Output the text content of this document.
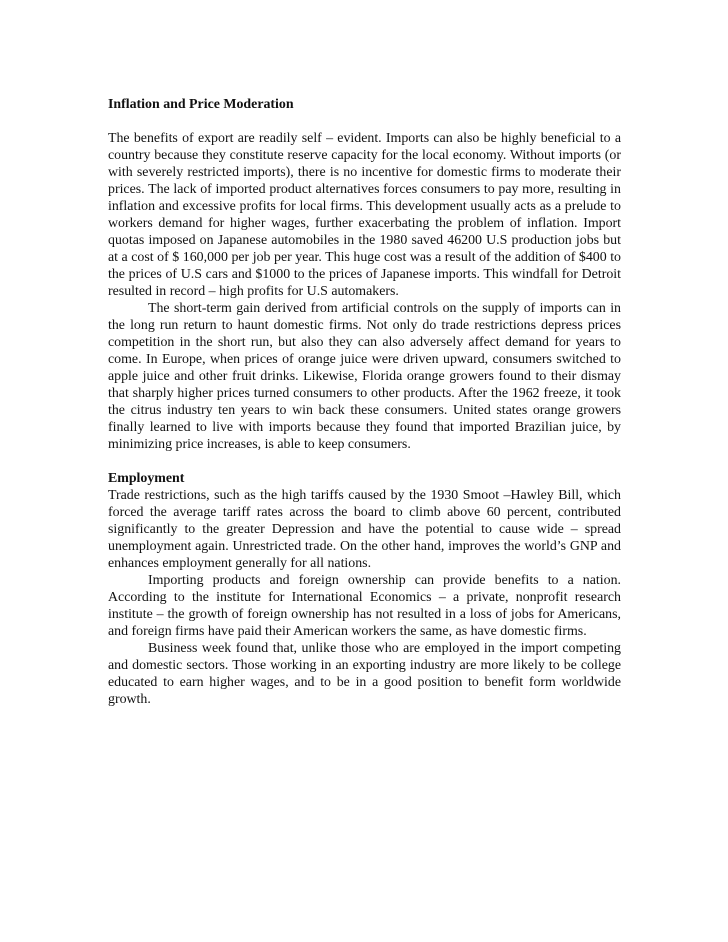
Inflation and Price Moderation

The benefits of export are readily self – evident. Imports can also be highly beneficial to a country because they constitute reserve capacity for the local economy. Without imports (or with severely restricted imports), there is no incentive for domestic firms to moderate their prices. The lack of imported product alternatives forces consumers to pay more, resulting in inflation and excessive profits for local firms. This development usually acts as a prelude to workers demand for higher wages, further exacerbating the problem of inflation. Import quotas imposed on Japanese automobiles in the 1980 saved 46200 U.S production jobs but at a cost of $ 160,000 per job per year. This huge cost was a result of the addition of $400 to the prices of U.S cars and $1000 to the prices of Japanese imports. This windfall for Detroit resulted in record – high profits for U.S automakers.

The short-term gain derived from artificial controls on the supply of imports can in the long run return to haunt domestic firms. Not only do trade restrictions depress prices competition in the short run, but also they can also adversely affect demand for years to come. In Europe, when prices of orange juice were driven upward, consumers switched to apple juice and other fruit drinks. Likewise, Florida orange growers found to their dismay that sharply higher prices turned consumers to other products. After the 1962 freeze, it took the citrus industry ten years to win back these consumers. United states orange growers finally learned to live with imports because they found that imported Brazilian juice, by minimizing price increases, is able to keep consumers.

Employment

Trade restrictions, such as the high tariffs caused by the 1930 Smoot –Hawley Bill, which forced the average tariff rates across the board to climb above 60 percent, contributed significantly to the greater Depression and have the potential to cause wide – spread unemployment again. Unrestricted trade. On the other hand, improves the world’s GNP and enhances employment generally for all nations.

Importing products and foreign ownership can provide benefits to a nation. According to the institute for International Economics – a private, nonprofit research institute – the growth of foreign ownership has not resulted in a loss of jobs for Americans, and foreign firms have paid their American workers the same, as have domestic firms.

Business week found that, unlike those who are employed in the import competing and domestic sectors. Those working in an exporting industry are more likely to be college educated to earn higher wages, and to be in a good position to benefit form worldwide growth.
